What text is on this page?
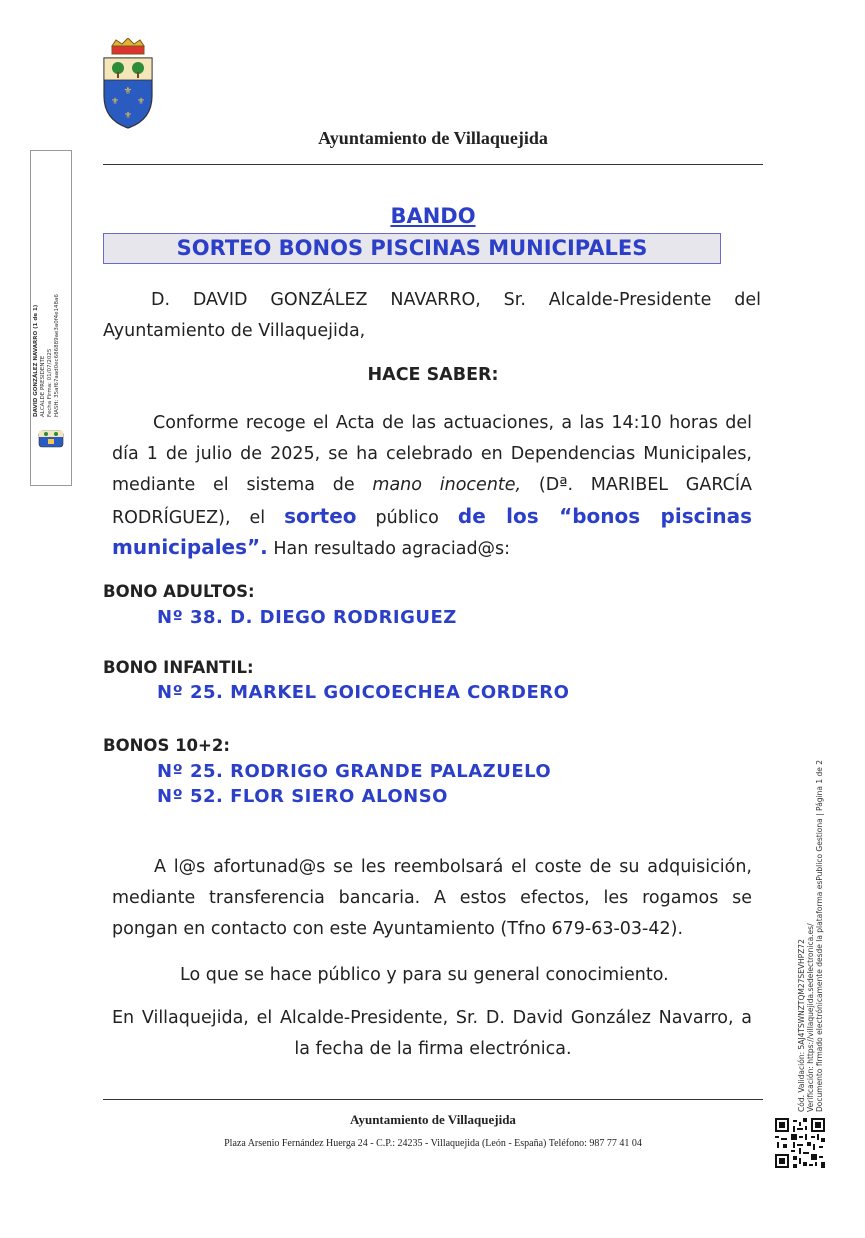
⚜
⚜ ⚜
⚜
Ayuntamiento de Villaquejida
DAVID GONZÁLEZ NAVARRO (1 de 1) ALCALDE PRESIDENTE Fecha Firma: 01/07/2025 HASH: 35af67aad0ec686889ae3a0f4e148a6
BANDO
SORTEO BONOS PISCINAS MUNICIPALES
D. DAVID GONZÁLEZ NAVARRO, Sr. Alcalde-Presidente del
Ayuntamiento de Villaquejida,
HACE SABER:
Conforme recoge el Acta de las actuaciones, a las 14:10 horas del
día 1 de julio de 2025, se ha celebrado en Dependencias Municipales,
mediante el sistema de mano inocente, (Dª. MARIBEL GARCÍA
RODRÍGUEZ), el sorteo público de los “bonos piscinas
municipales”. Han resultado agraciad@s:
BONO ADULTOS:
Nº 38. D. DIEGO RODRIGUEZ
BONO INFANTIL:
Nº 25. MARKEL GOICOECHEA CORDERO
BONOS 10+2:
Nº 25. RODRIGO GRANDE PALAZUELO
Nº 52. FLOR SIERO ALONSO
A l@s afortunad@s se les reembolsará el coste de su adquisición,
mediante transferencia bancaria. A estos efectos, les rogamos se
pongan en contacto con este Ayuntamiento (Tfno 679-63-03-42).
Lo que se hace público y para su general conocimiento.
En Villaquejida, el Alcalde-Presidente, Sr. D. David González Navarro, a
la fecha de la firma electrónica.
Ayuntamiento de Villaquejida
Plaza Arsenio Fernández Huerga 24 - C.P.: 24235 - Villaquejida (León - España) Teléfono: 987 77 41 04
Cód. Validación: 5AJ4TSWNZTQM27SEVHPZ72 Verificación: https://villaquejida.sedelectronica.es/ Documento firmado electrónicamente desde la plataforma esPublico Gestiona | Página 1 de 2
